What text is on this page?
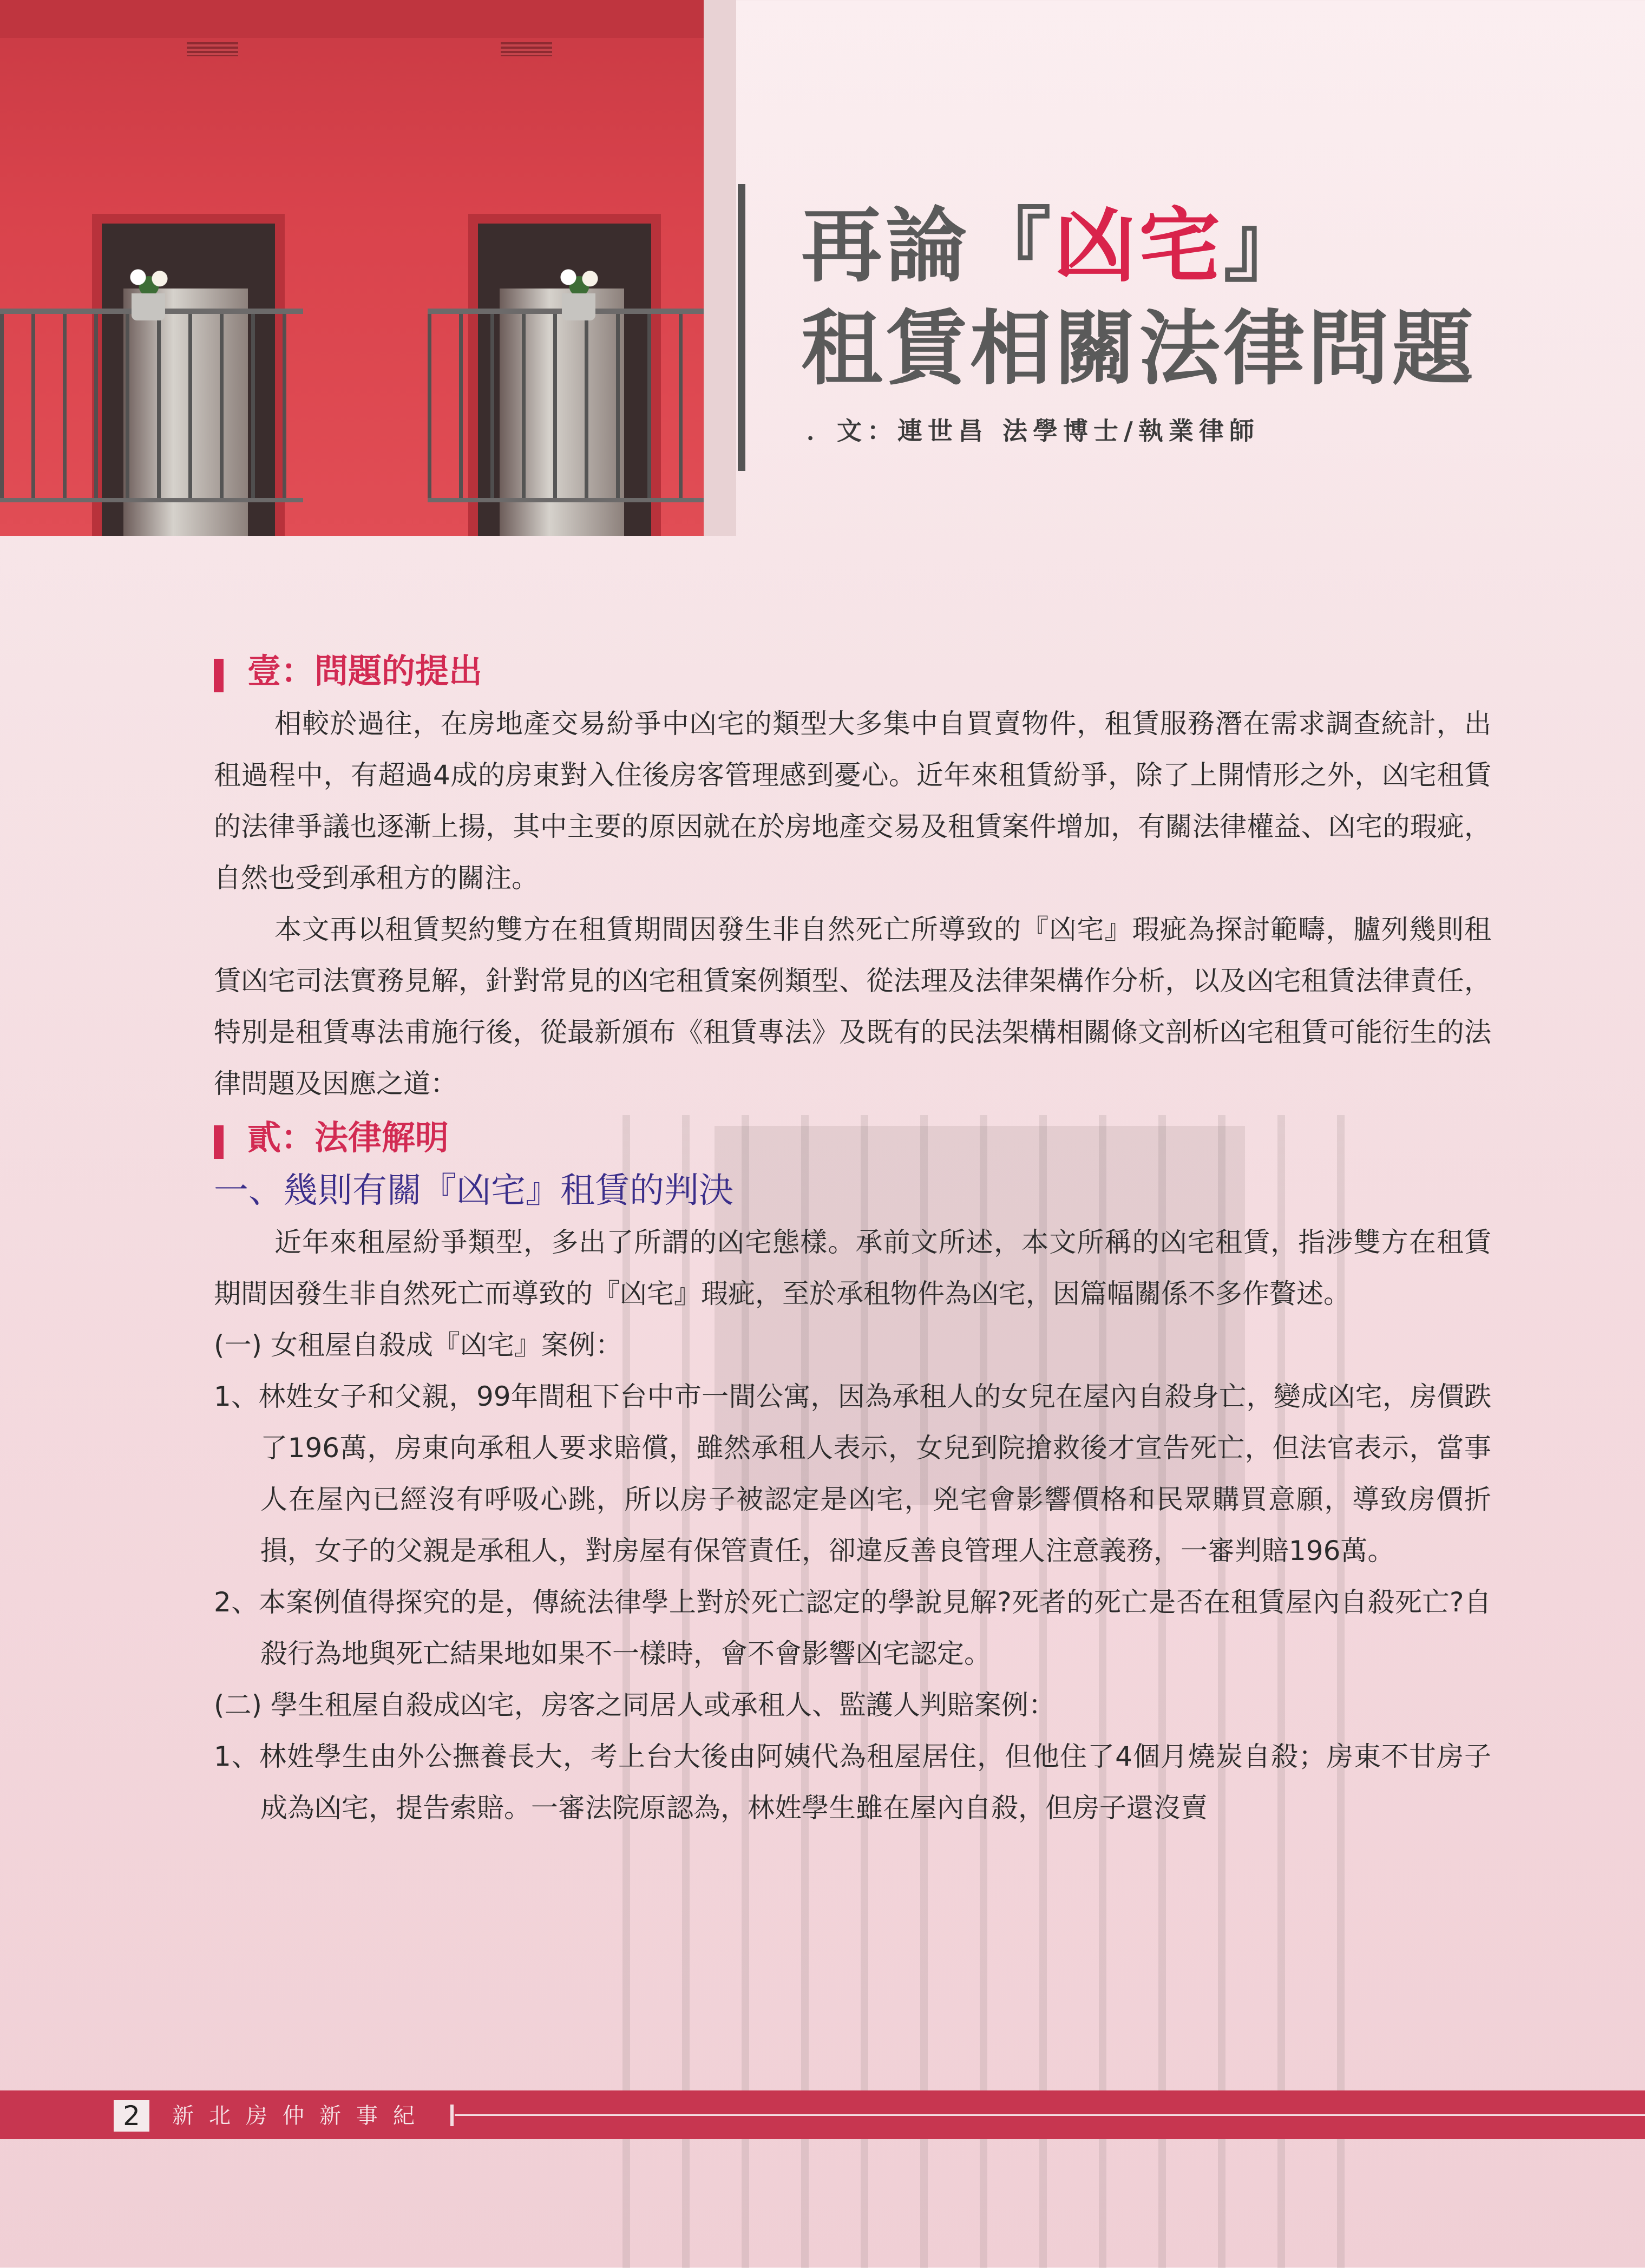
再論『凶宅』
租賃相關法律問題
．文：連世昌 法學博士/執業律師
壹：問題的提出

相較於過往，在房地產交易紛爭中凶宅的類型大多集中自買賣物件，租賃服務潛在需求調查統計，出租過程中，有超過4成的房東對入住後房客管理感到憂心。近年來租賃紛爭，除了上開情形之外，凶宅租賃的法律爭議也逐漸上揚，其中主要的原因就在於房地產交易及租賃案件增加，有關法律權益、凶宅的瑕疵，自然也受到承租方的關注。

本文再以租賃契約雙方在租賃期間因發生非自然死亡所導致的『凶宅』瑕疵為探討範疇，臚列幾則租賃凶宅司法實務見解，針對常見的凶宅租賃案例類型、從法理及法律架構作分析，以及凶宅租賃法律責任，特別是租賃專法甫施行後，從最新頒布《租賃專法》及既有的民法架構相關條文剖析凶宅租賃可能衍生的法律問題及因應之道：

貳：法律解明
一、幾則有關『凶宅』租賃的判決

近年來租屋紛爭類型，多出了所謂的凶宅態樣。承前文所述，本文所稱的凶宅租賃，指涉雙方在租賃期間因發生非自然死亡而導致的『凶宅』瑕疵，至於承租物件為凶宅，因篇幅關係不多作贅述。

(一) 女租屋自殺成『凶宅』案例：

1、林姓女子和父親，99年間租下台中市一間公寓，因為承租人的女兒在屋內自殺身亡，變成凶宅，房價跌了196萬，房東向承租人要求賠償，雖然承租人表示，女兒到院搶救後才宣告死亡，但法官表示，當事人在屋內已經沒有呼吸心跳，所以房子被認定是凶宅，兇宅會影響價格和民眾購買意願，導致房價折損，女子的父親是承租人，對房屋有保管責任，卻違反善良管理人注意義務，一審判賠196萬。

2、本案例值得探究的是，傳統法律學上對於死亡認定的學說見解?死者的死亡是否在租賃屋內自殺死亡?自殺行為地與死亡結果地如果不一樣時，會不會影響凶宅認定。

(二) 學生租屋自殺成凶宅，房客之同居人或承租人、監護人判賠案例：

1、林姓學生由外公撫養長大，考上台大後由阿姨代為租屋居住，但他住了4個月燒炭自殺；房東不甘房子成為凶宅，提告索賠。一審法院原認為，林姓學生雖在屋內自殺，但房子還沒賣

2	新北房仲新事紀
